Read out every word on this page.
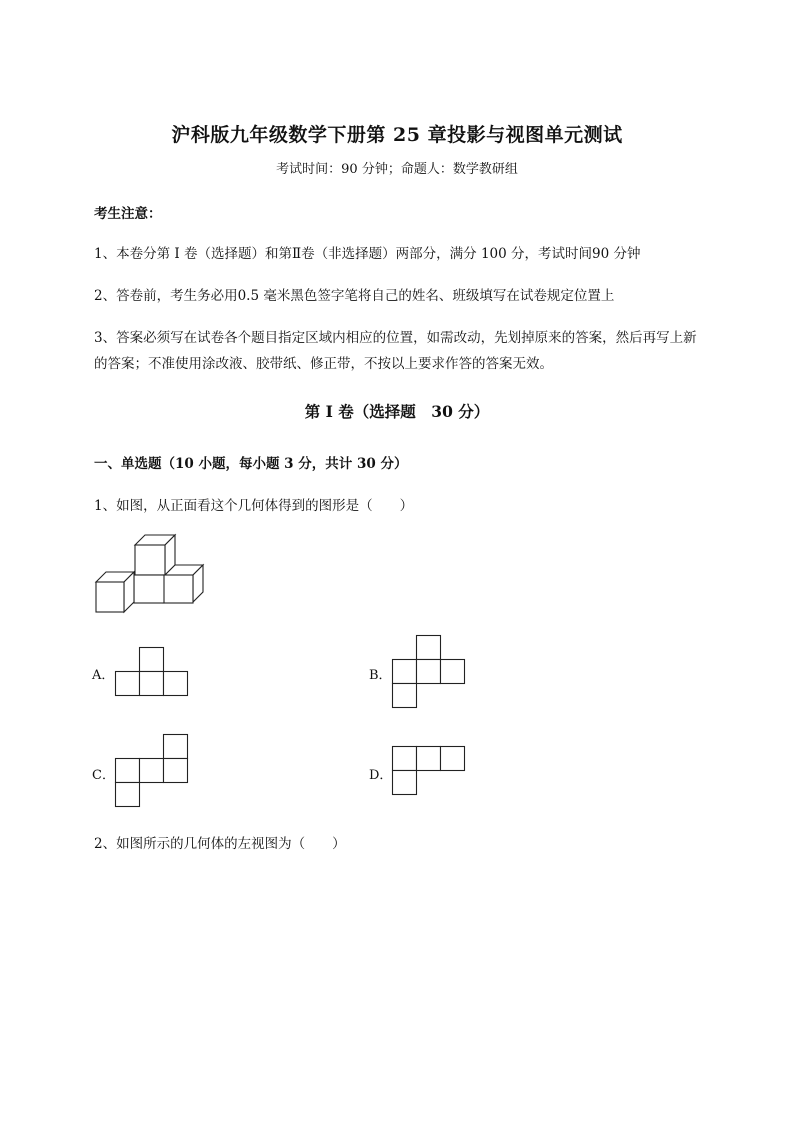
沪科版九年级数学下册第 25 章投影与视图单元测试
考试时间：90 分钟；命题人：数学教研组
考生注意：
1、本卷分第 I 卷（选择题）和第Ⅱ卷（非选择题）两部分，满分 100 分，考试时间90 分钟
2、答卷前，考生务必用0.5 毫米黑色签字笔将自己的姓名、班级填写在试卷规定位置上
3、答案必须写在试卷各个题目指定区域内相应的位置，如需改动，先划掉原来的答案，然后再写上新
的答案；不准使用涂改液、胶带纸、修正带，不按以上要求作答的答案无效。
第 I 卷（选择题　30 分）
一、单选题（10 小题，每小题 3 分，共计 30 分）
1、如图，从正面看这个几何体得到的图形是（　　）
A．	B．
C．	D．
2、如图所示的几何体的左视图为（　　）
